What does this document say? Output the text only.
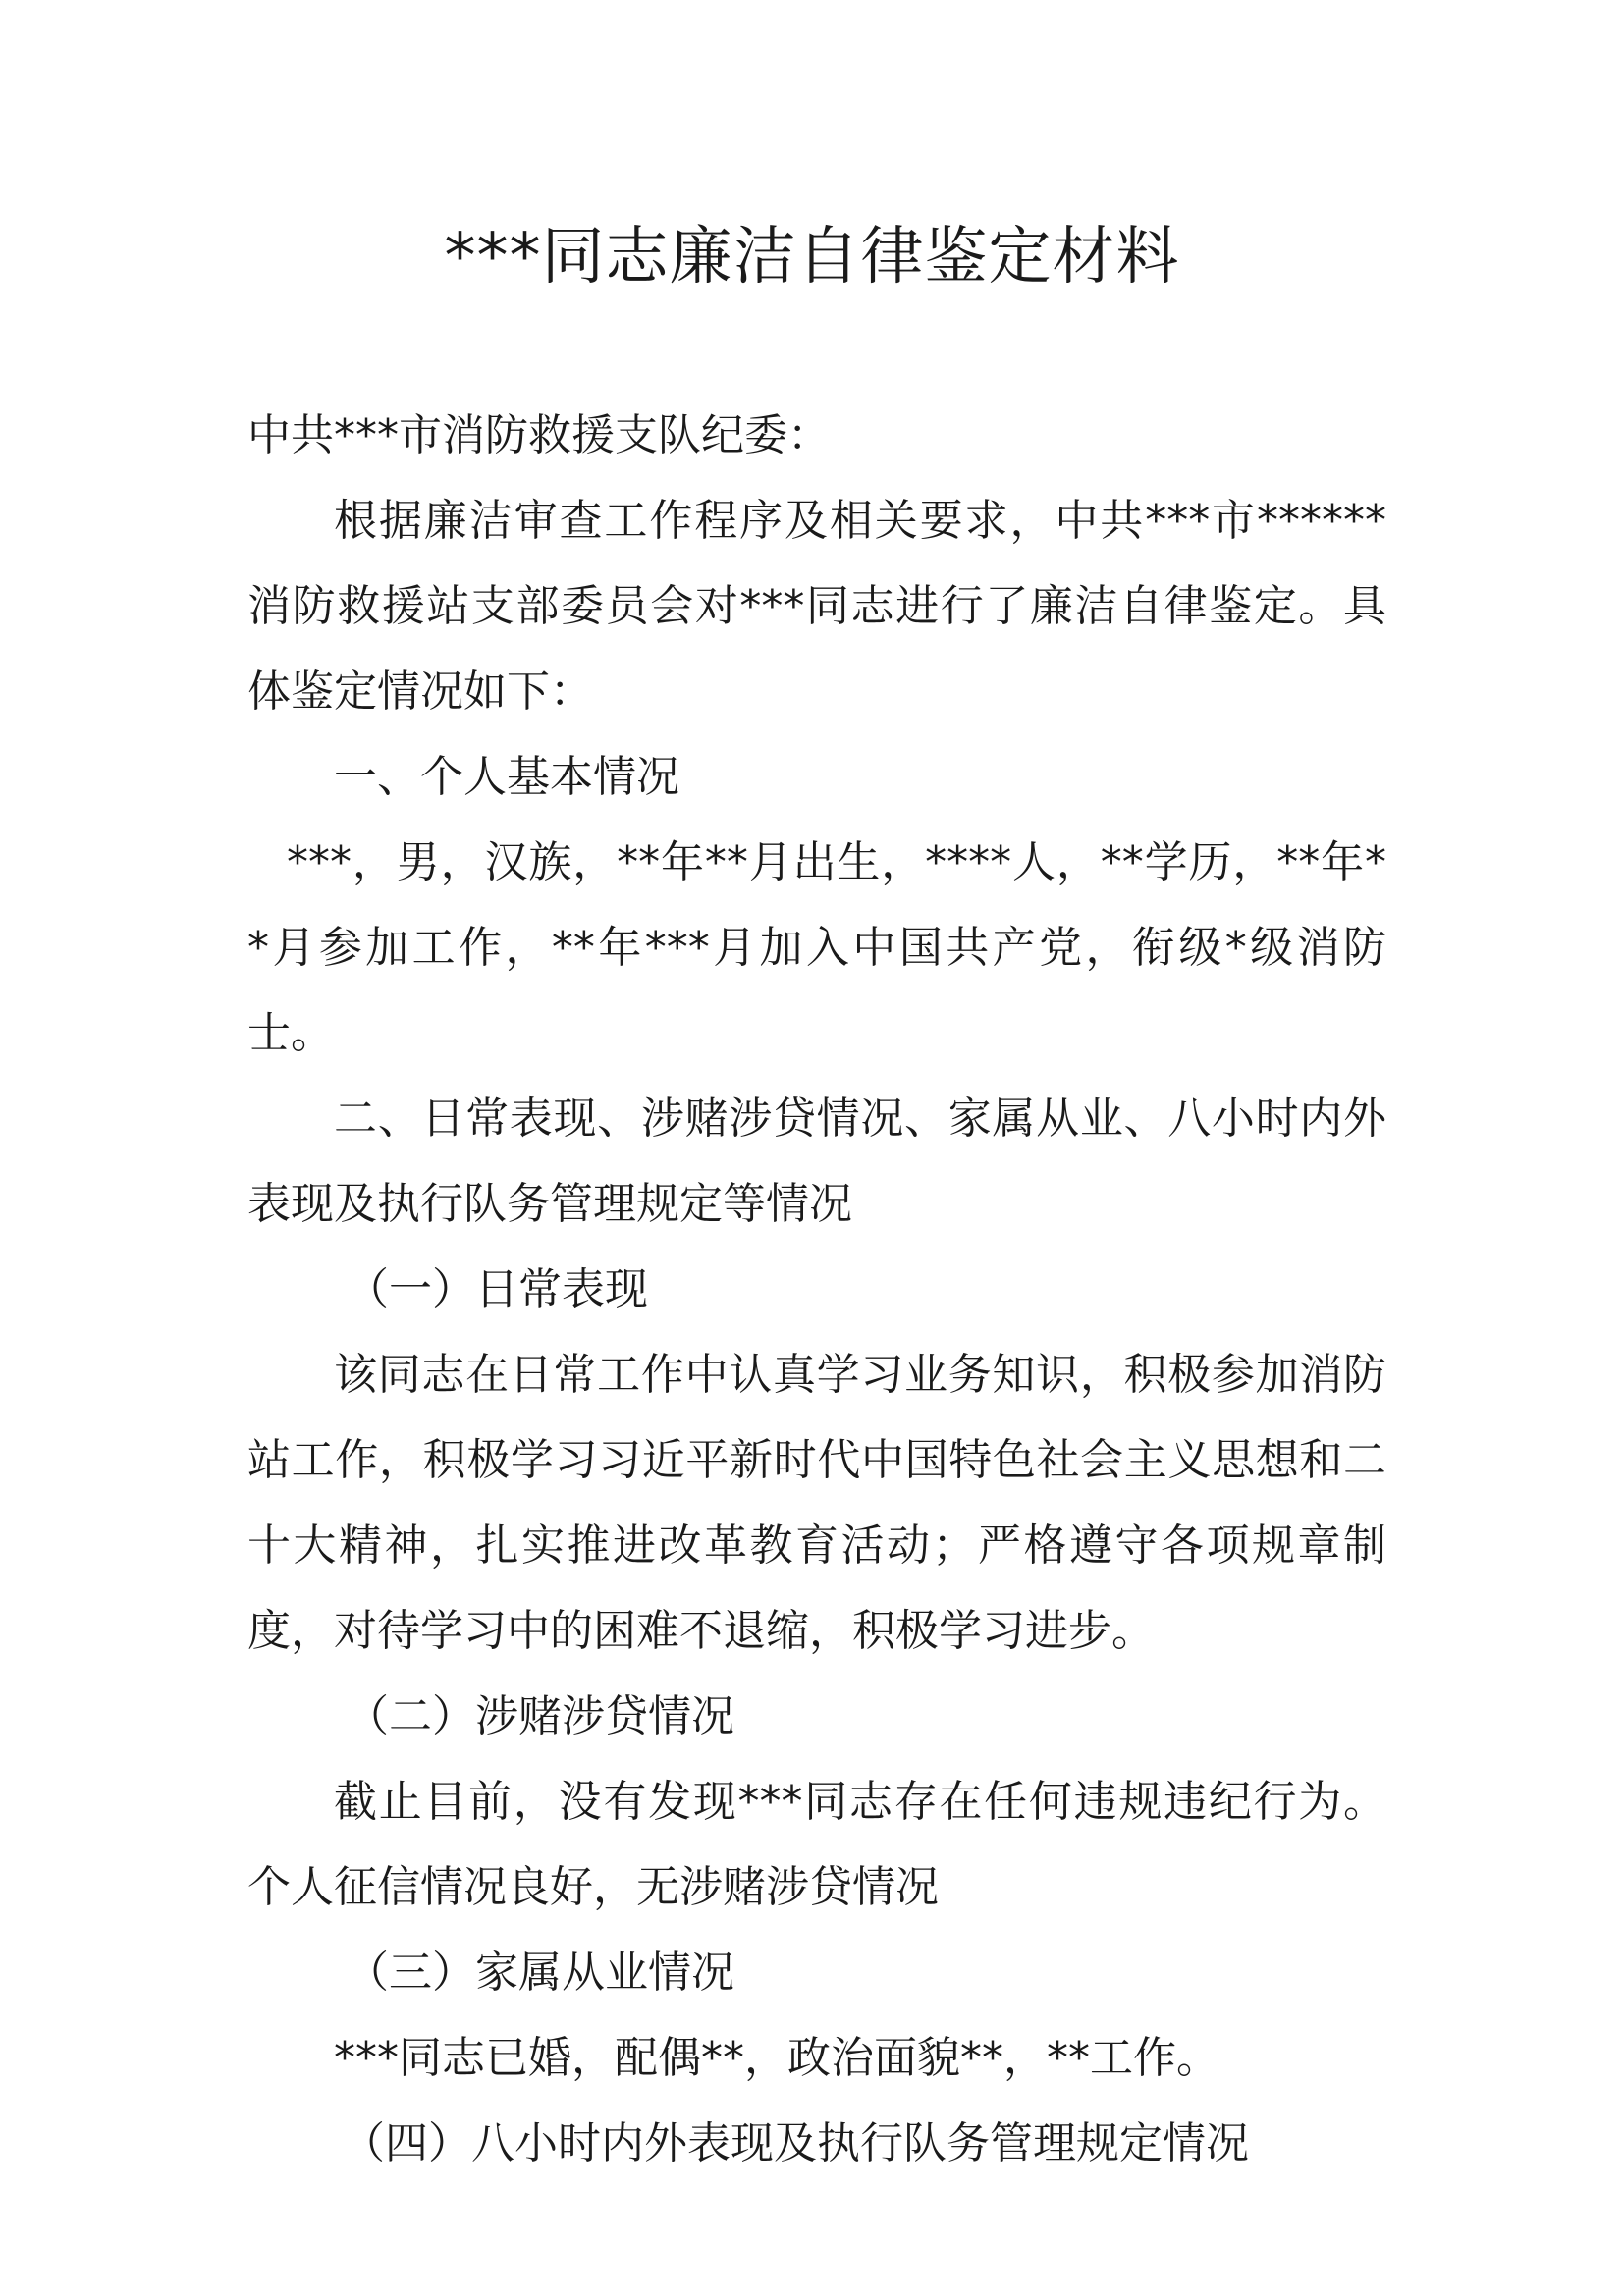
***同志廉洁自律鉴定材料

中共***市消防救援支队纪委：

根据廉洁审查工作程序及相关要求，中共***市******消防救援站支部委员会对***同志进行了廉洁自律鉴定。具体鉴定情况如下：

一、个人基本情况

***，男，汉族，**年**月出生，****人，**学历，**年**月参加工作，**年***月加入中国共产党，衔级*级消防士。

二、日常表现、涉赌涉贷情况、家属从业、八小时内外表现及执行队务管理规定等情况

（一）日常表现

该同志在日常工作中认真学习业务知识，积极参加消防站工作，积极学习习近平新时代中国特色社会主义思想和二十大精神，扎实推进改革教育活动；严格遵守各项规章制度，对待学习中的困难不退缩，积极学习进步。

（二）涉赌涉贷情况

截止目前，没有发现***同志存在任何违规违纪行为。个人征信情况良好，无涉赌涉贷情况

（三）家属从业情况

***同志已婚，配偶**，政治面貌**，**工作。

（四）八小时内外表现及执行队务管理规定情况
